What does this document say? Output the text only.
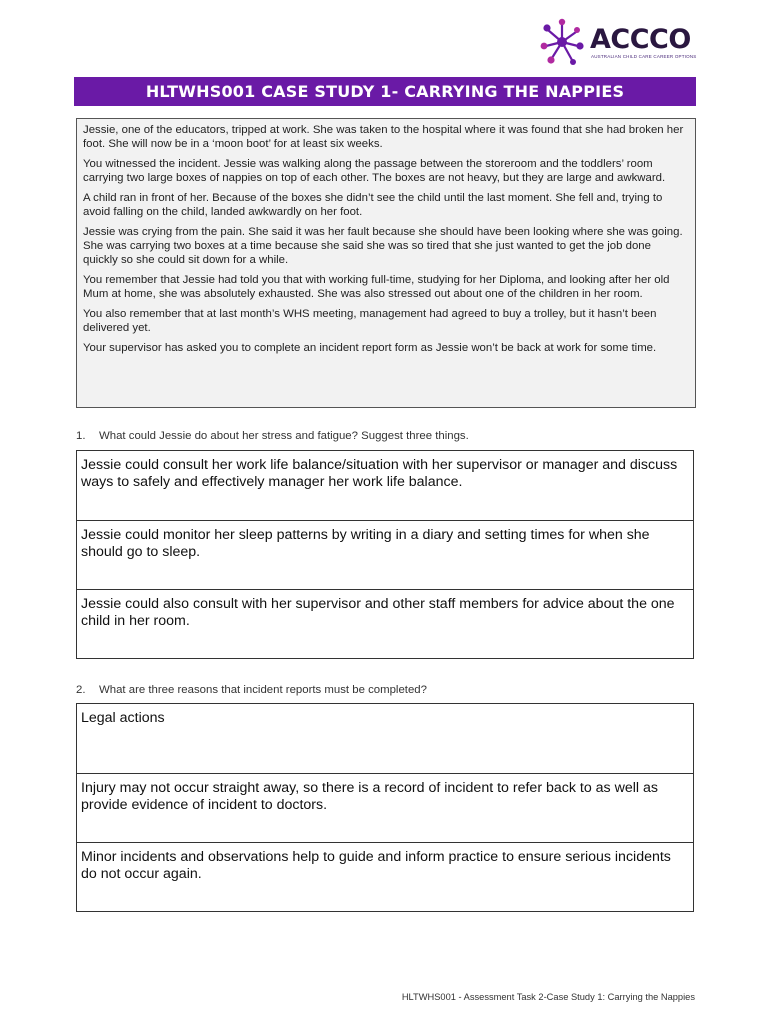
ACCCO
AUSTRALIAN CHILD CARE CAREER OPTIONS
HLTWHS001 CASE STUDY 1- CARRYING THE NAPPIES

Jessie, one of the educators, tripped at work. She was taken to the hospital where it was found that she had broken her foot. She will now be in a ‘moon boot’ for at least six weeks.

You witnessed the incident. Jessie was walking along the passage between the storeroom and the toddlers’ room carrying two large boxes of nappies on top of each other. The boxes are not heavy, but they are large and awkward.

A child ran in front of her. Because of the boxes she didn’t see the child until the last moment. She fell and, trying to avoid falling on the child, landed awkwardly on her foot.

Jessie was crying from the pain. She said it was her fault because she should have been looking where she was going. She was carrying two boxes at a time because she said she was so tired that she just wanted to get the job done quickly so she could sit down for a while.

You remember that Jessie had told you that with working full-time, studying for her Diploma, and looking after her old Mum at home, she was absolutely exhausted. She was also stressed out about one of the children in her room.

You also remember that at last month’s WHS meeting, management had agreed to buy a trolley, but it hasn’t been delivered yet.

Your supervisor has asked you to complete an incident report form as Jessie won’t be back at work for some time.

1. What could Jessie do about her stress and fatigue? Suggest three things.
Jessie could consult her work life balance/situation with her supervisor or manager and discuss ways to safely and effectively manager her work life balance.
Jessie could monitor her sleep patterns by writing in a diary and setting times for when she should go to sleep.
Jessie could also consult with her supervisor and other staff members for advice about the one child in her room.
2. What are three reasons that incident reports must be completed?
Legal actions
Injury may not occur straight away, so there is a record of incident to refer back to as well as provide evidence of incident to doctors.
Minor incidents and observations help to guide and inform practice to ensure serious incidents do not occur again.
HLTWHS001 - Assessment Task 2-Case Study 1: Carrying the Nappies
